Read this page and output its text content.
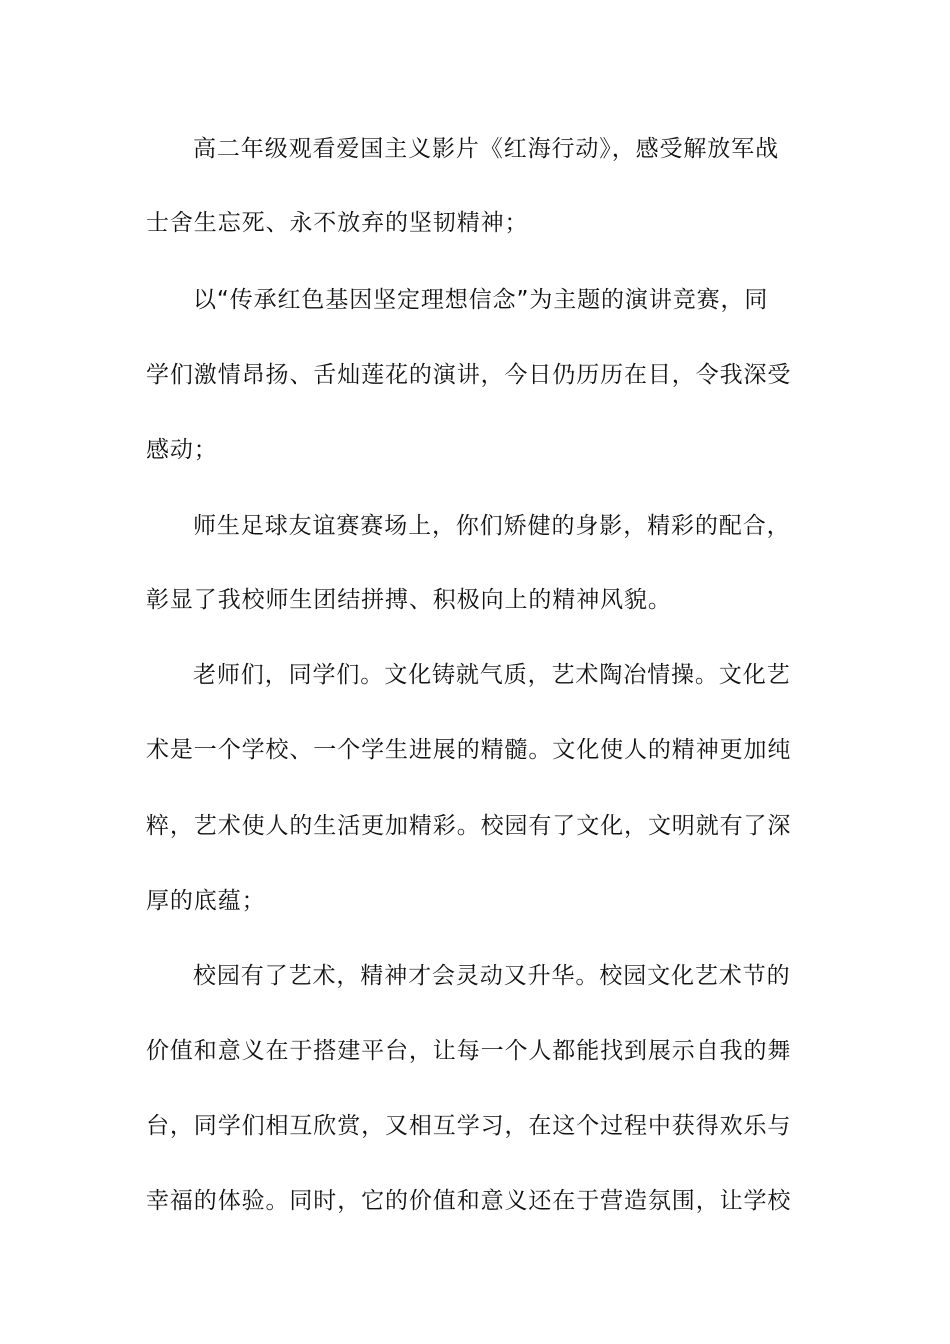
高二年级观看爱国主义影片《红海行动》，感受解放军战
士舍生忘死、永不放弃的坚韧精神；
以“传承红色基因坚定理想信念”为主题的演讲竞赛，同
学们激情昂扬、舌灿莲花的演讲，今日仍历历在目，令我深受
感动；
师生足球友谊赛赛场上，你们矫健的身影，精彩的配合，
彰显了我校师生团结拼搏、积极向上的精神风貌。
老师们，同学们。文化铸就气质，艺术陶冶情操。文化艺
术是一个学校、一个学生进展的精髓。文化使人的精神更加纯
粹，艺术使人的生活更加精彩。校园有了文化，文明就有了深
厚的底蕴；
校园有了艺术，精神才会灵动又升华。校园文化艺术节的
价值和意义在于搭建平台，让每一个人都能找到展示自我的舞
台，同学们相互欣赏，又相互学习，在这个过程中获得欢乐与
幸福的体验。同时，它的价值和意义还在于营造氛围，让学校
